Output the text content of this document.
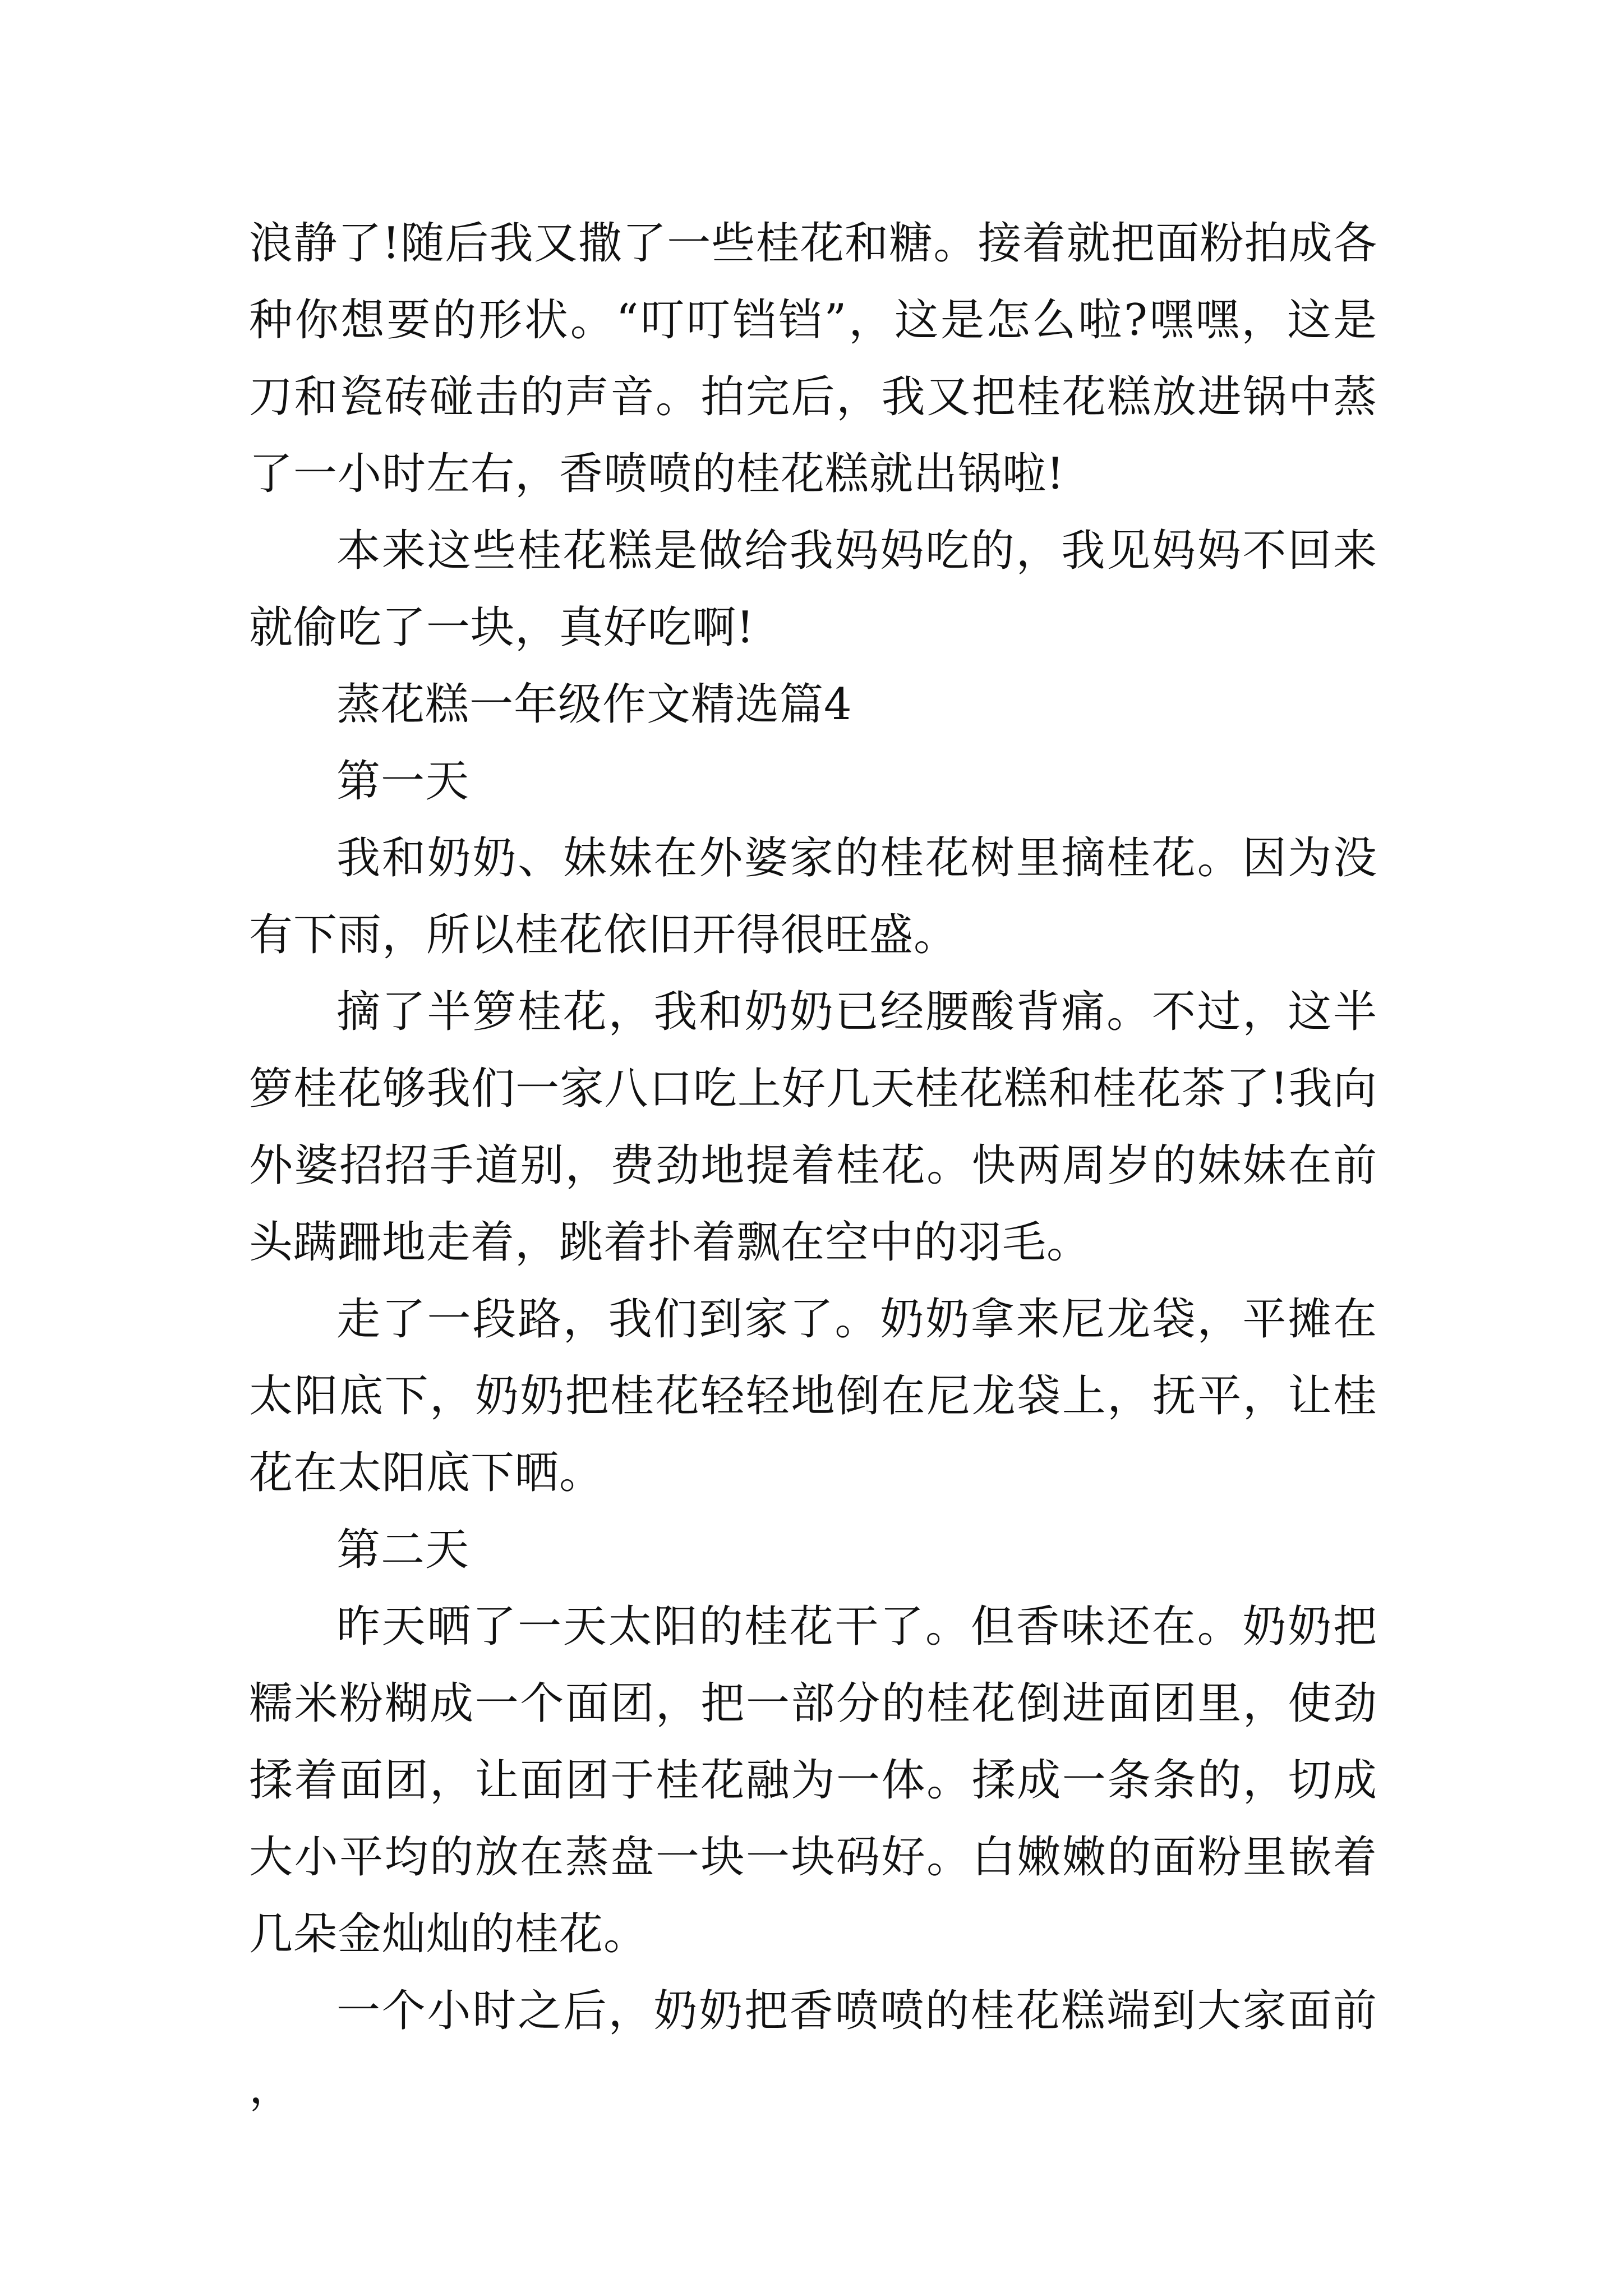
浪静了!随后我又撒了一些桂花和糖。接着就把面粉拍成各种你想要的形状。“叮叮铛铛”，这是怎么啦?嘿嘿，这是刀和瓷砖碰击的声音。拍完后，我又把桂花糕放进锅中蒸了一小时左右，香喷喷的桂花糕就出锅啦!

本来这些桂花糕是做给我妈妈吃的，我见妈妈不回来就偷吃了一块，真好吃啊!

蒸花糕一年级作文精选篇4

第一天

我和奶奶、妹妹在外婆家的桂花树里摘桂花。因为没有下雨，所以桂花依旧开得很旺盛。

摘了半箩桂花，我和奶奶已经腰酸背痛。不过，这半箩桂花够我们一家八口吃上好几天桂花糕和桂花茶了!我向外婆招招手道别，费劲地提着桂花。快两周岁的妹妹在前头蹒跚地走着，跳着扑着飘在空中的羽毛。

走了一段路，我们到家了。奶奶拿来尼龙袋，平摊在太阳底下，奶奶把桂花轻轻地倒在尼龙袋上，抚平，让桂花在太阳底下晒。

第二天

昨天晒了一天太阳的桂花干了。但香味还在。奶奶把糯米粉糊成一个面团，把一部分的桂花倒进面团里，使劲揉着面团，让面团于桂花融为一体。揉成一条条的，切成大小平均的放在蒸盘一块一块码好。白嫩嫩的面粉里嵌着几朵金灿灿的桂花。

一个小时之后，奶奶把香喷喷的桂花糕端到大家面前，
